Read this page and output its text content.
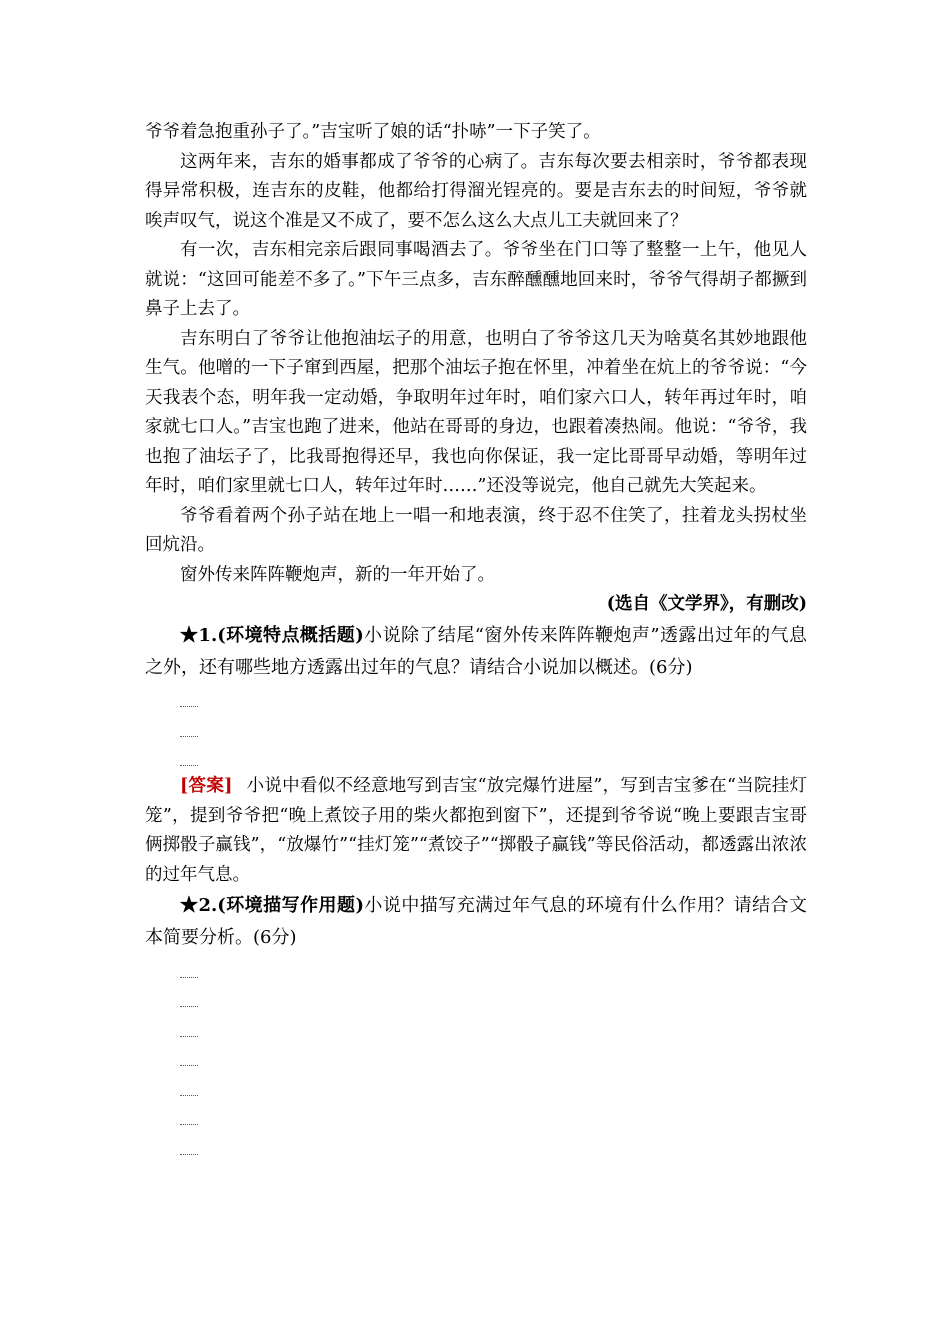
爷爷着急抱重孙子了。”吉宝听了娘的话“扑哧”一下子笑了。

这两年来，吉东的婚事都成了爷爷的心病了。吉东每次要去相亲时，爷爷都表现得异常积极，连吉东的皮鞋，他都给打得溜光锃亮的。要是吉东去的时间短，爷爷就唉声叹气，说这个准是又不成了，要不怎么这么大点儿工夫就回来了？

有一次，吉东相完亲后跟同事喝酒去了。爷爷坐在门口等了整整一上午，他见人就说：“这回可能差不多了。”下午三点多，吉东醉醺醺地回来时，爷爷气得胡子都撅到鼻子上去了。

吉东明白了爷爷让他抱油坛子的用意，也明白了爷爷这几天为啥莫名其妙地跟他生气。他噌的一下子窜到西屋，把那个油坛子抱在怀里，冲着坐在炕上的爷爷说：“今天我表个态，明年我一定动婚，争取明年过年时，咱们家六口人，转年再过年时，咱家就七口人。”吉宝也跑了进来，他站在哥哥的身边，也跟着凑热闹。他说：“爷爷，我也抱了油坛子了，比我哥抱得还早，我也向你保证，我一定比哥哥早动婚，等明年过年时，咱们家里就七口人，转年过年时……”还没等说完，他自己就先大笑起来。

爷爷看着两个孙子站在地上一唱一和地表演，终于忍不住笑了，拄着龙头拐杖坐回炕沿。

窗外传来阵阵鞭炮声，新的一年开始了。

(选自《文学界》，有删改)

★1.(环境特点概括题)小说除了结尾“窗外传来阵阵鞭炮声”透露出过年的气息之外，还有哪些地方透露出过年的气息？请结合小说加以概述。(6分)

[答案] 小说中看似不经意地写到吉宝“放完爆竹进屋”，写到吉宝爹在“当院挂灯笼”，提到爷爷把“晚上煮饺子用的柴火都抱到窗下”，还提到爷爷说“晚上要跟吉宝哥俩掷骰子赢钱”，“放爆竹”“挂灯笼”“煮饺子”“掷骰子赢钱”等民俗活动，都透露出浓浓的过年气息。

★2.(环境描写作用题)小说中描写充满过年气息的环境有什么作用？请结合文本简要分析。(6分)
